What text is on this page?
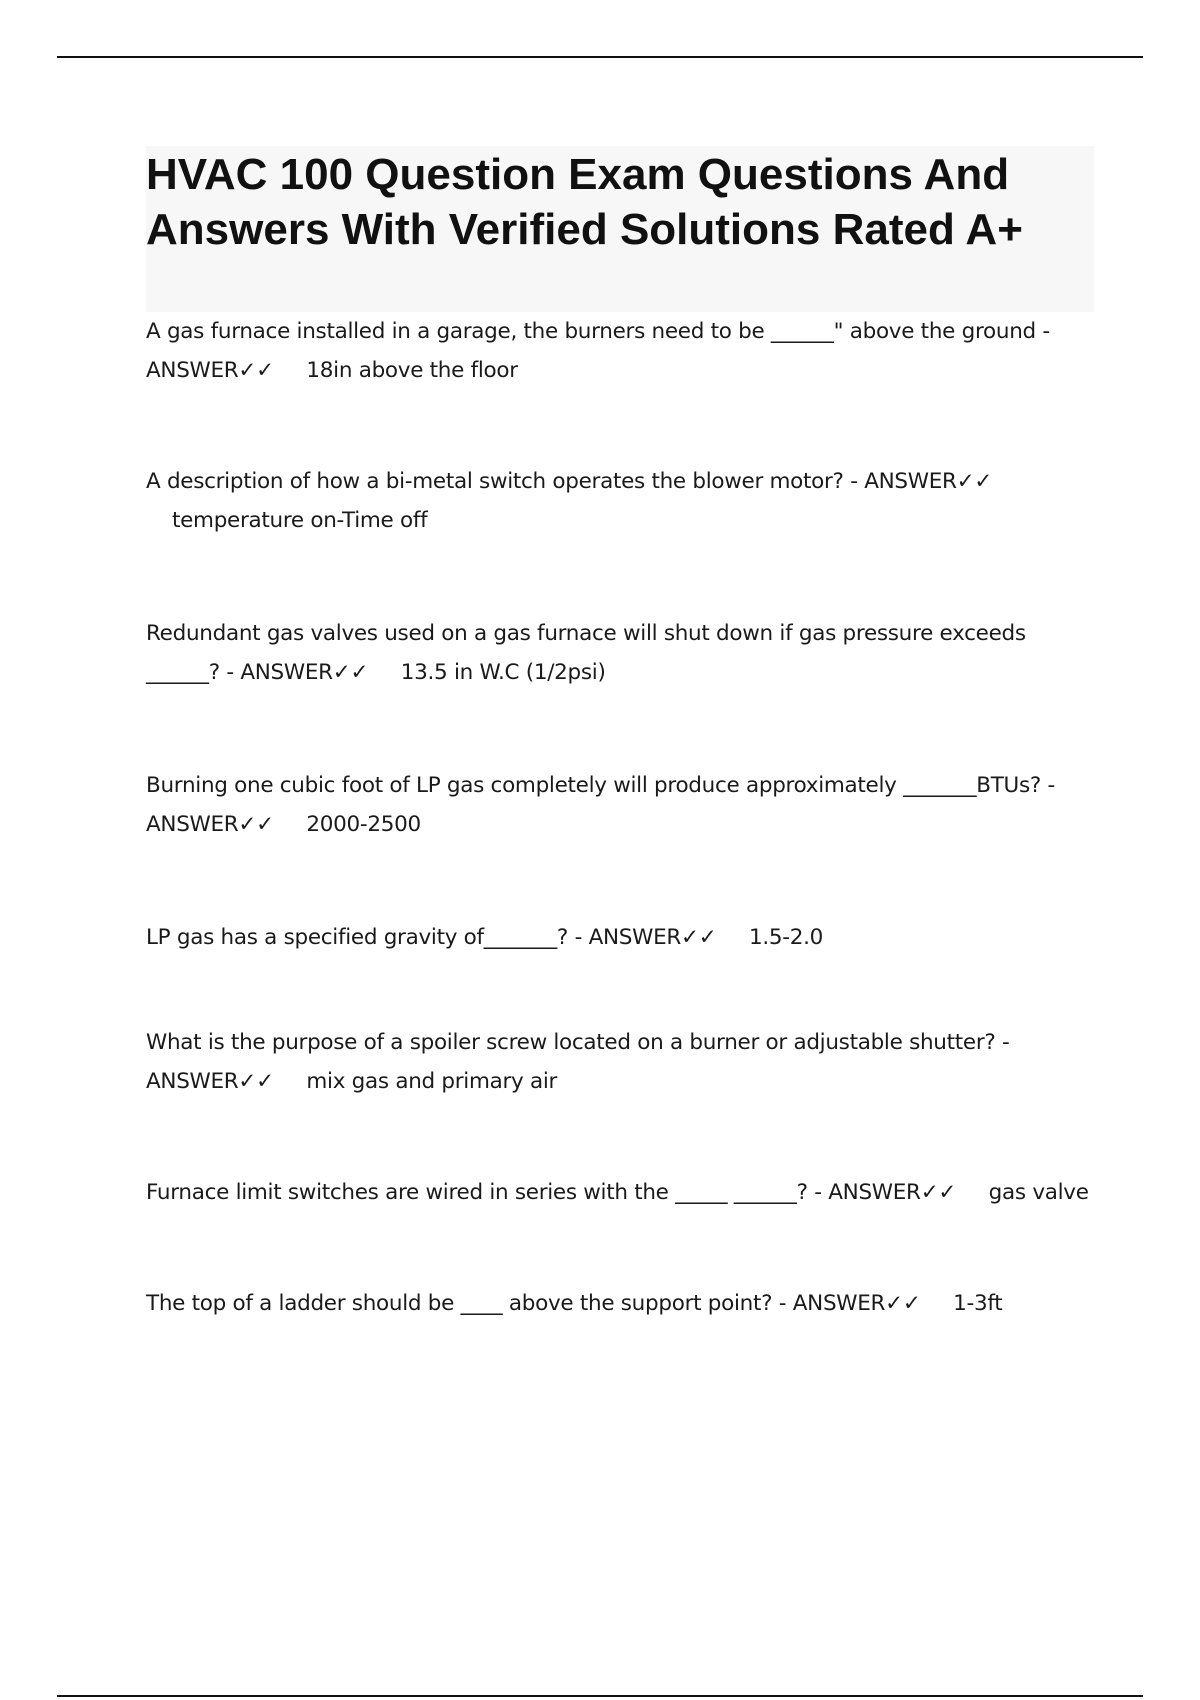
HVAC 100 Question Exam Questions And Answers With Verified Solutions Rated A+

A gas furnace installed in a garage, the burners need to be ______" above the ground - ANSWER✓✓ 18in above the floor

A description of how a bi-metal switch operates the blower motor? - ANSWER✓✓ temperature on-Time off

Redundant gas valves used on a gas furnace will shut down if gas pressure exceeds ______? - ANSWER✓✓ 13.5 in W.C (1/2psi)

Burning one cubic foot of LP gas completely will produce approximately _______BTUs? - ANSWER✓✓ 2000-2500

LP gas has a specified gravity of_______? - ANSWER✓✓ 1.5-2.0

What is the purpose of a spoiler screw located on a burner or adjustable shutter? - ANSWER✓✓ mix gas and primary air

Furnace limit switches are wired in series with the _____ ______? - ANSWER✓✓ gas valve

The top of a ladder should be ____ above the support point? - ANSWER✓✓ 1-3ft
